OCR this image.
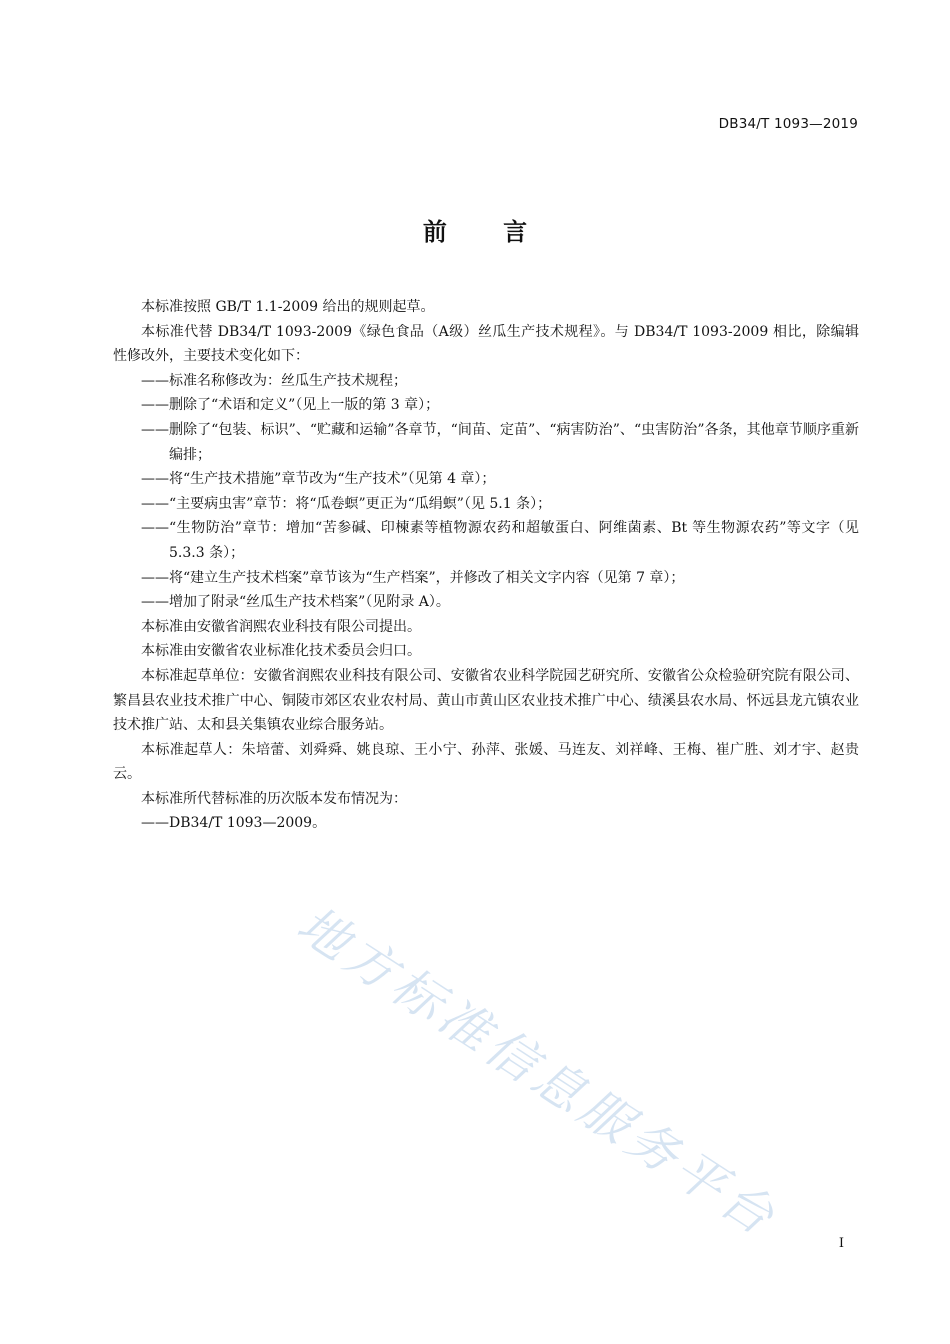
DB34/T 1093—2019
前 言

本标准按照 GB/T 1.1-2009 给出的规则起草。

本标准代替 DB34/T 1093-2009《绿色食品（A级）丝瓜生产技术规程》。与 DB34/T 1093-2009 相比，除编辑性修改外，主要技术变化如下：

——标准名称修改为：丝瓜生产技术规程；

——删除了“术语和定义”（见上一版的第 3 章）；

——删除了“包装、标识”、“贮藏和运输”各章节，“间苗、定苗”、“病害防治”、“虫害防治”各条，其他章节顺序重新编排；

——将“生产技术措施”章节改为“生产技术”（见第 4 章）；

——“主要病虫害”章节：将“瓜卷螟”更正为“瓜绢螟”（见 5.1 条）；

——“生物防治”章节：增加“苦参碱、印楝素等植物源农药和超敏蛋白、阿维菌素、Bt 等生物源农药”等文字（见 5.3.3 条）；

——将“建立生产技术档案”章节该为“生产档案”，并修改了相关文字内容（见第 7 章）；

——增加了附录“丝瓜生产技术档案”（见附录 A）。

本标准由安徽省润熙农业科技有限公司提出。

本标准由安徽省农业标准化技术委员会归口。

本标准起草单位：安徽省润熙农业科技有限公司、安徽省农业科学院园艺研究所、安徽省公众检验研究院有限公司、繁昌县农业技术推广中心、铜陵市郊区农业农村局、黄山市黄山区农业技术推广中心、绩溪县农水局、怀远县龙亢镇农业技术推广站、太和县关集镇农业综合服务站。

本标准起草人：朱培蕾、刘舜舜、姚良琼、王小宁、孙萍、张媛、马连友、刘祥峰、王梅、崔广胜、刘才宇、赵贵云。

本标准所代替标准的历次版本发布情况为：

——DB34/T 1093—2009。

地方标准信息服务平台	I
